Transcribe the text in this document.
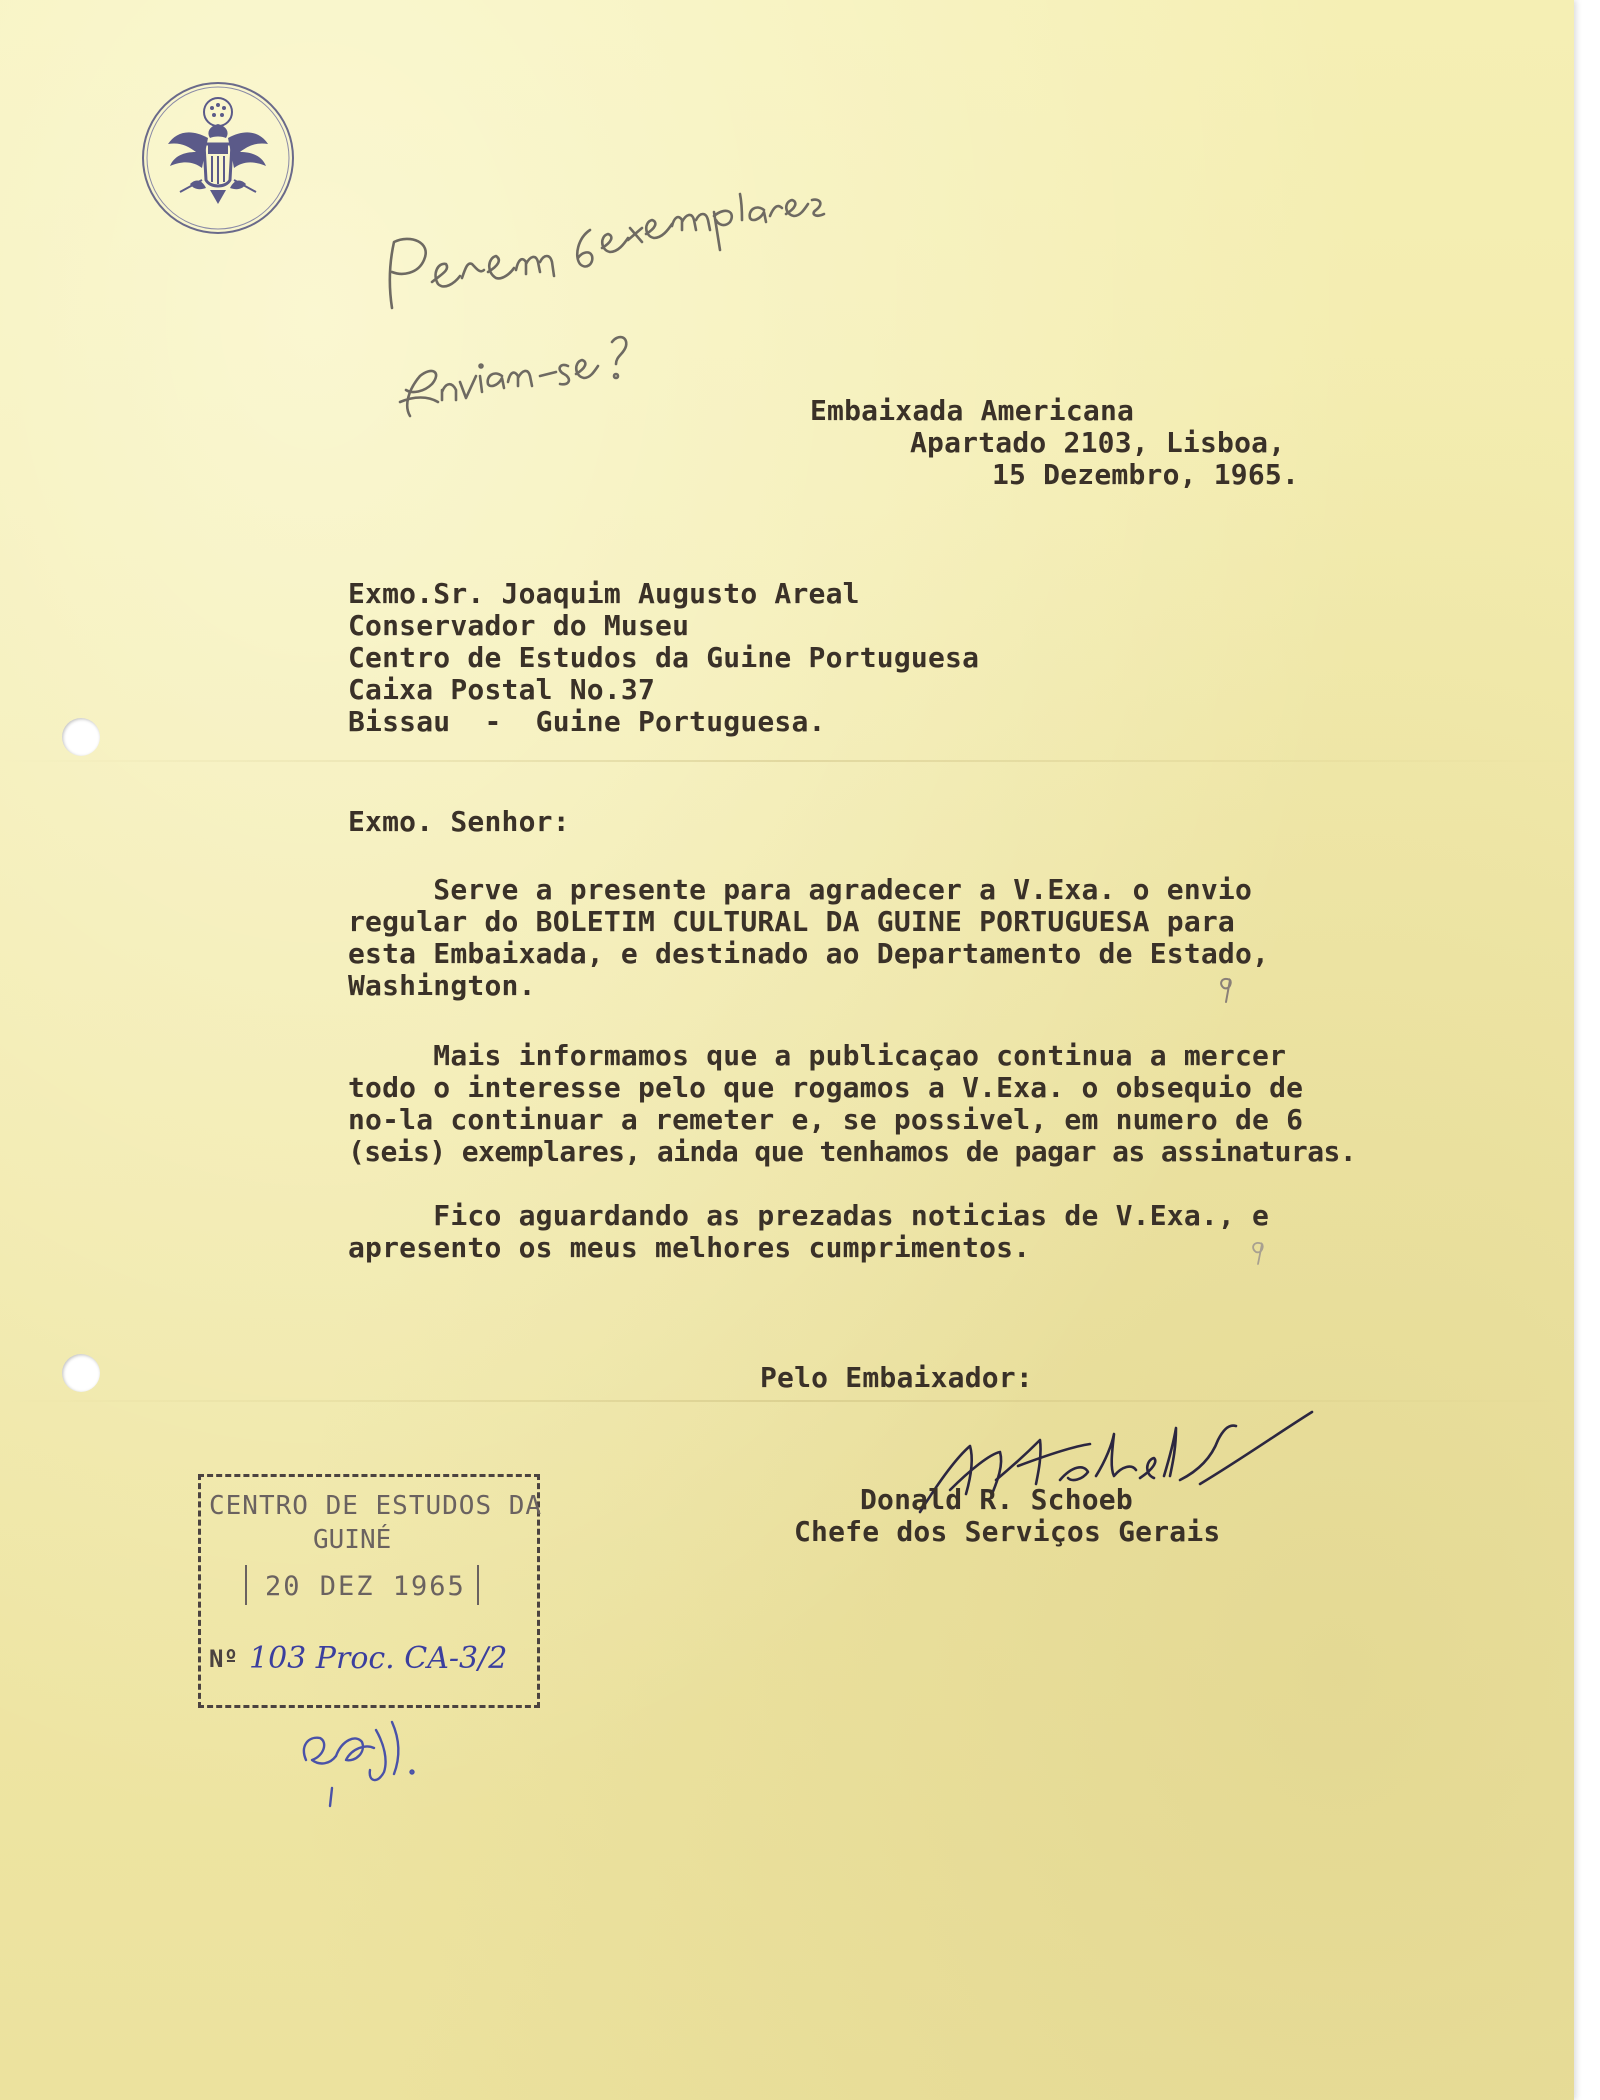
Embaixada Americana

Apartado 2103, Lisboa,

15 Dezembro, 1965.

Exmo.Sr. Joaquim Augusto Areal

Conservador do Museu

Centro de Estudos da Guine Portuguesa

Caixa Postal No.37

Bissau  -  Guine Portuguesa.

Exmo. Senhor:

Serve a presente para agradecer a V.Exa. o envio

regular do BOLETIM CULTURAL DA GUINE PORTUGUESA para

esta Embaixada, e destinado ao Departamento de Estado,

Washington.

Mais informamos que a publicaçao continua a mercer

todo o interesse pelo que rogamos a V.Exa. o obsequio de

no-la continuar a remeter e, se possivel, em numero de 6

(seis) exemplares, ainda que tenhamos de pagar as assinaturas.

Fico aguardando as prezadas noticias de V.Exa., e

apresento os meus melhores cumprimentos.

Pelo Embaixador:

Donald R. Schoeb

Chefe dos Serviços Gerais

CENTRO DE ESTUDOS DA
GUINÉ
20 DEZ 1965
Nº 103 Proc. CA-3/2
